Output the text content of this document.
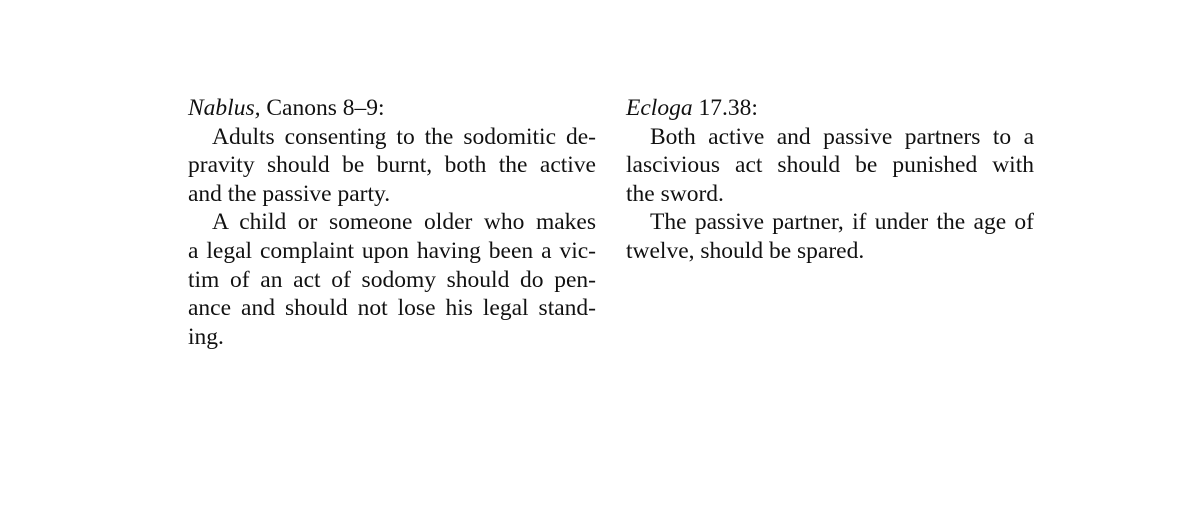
Nablus, Canons 8–9:
Adults consenting to the sodomitic de-
pravity should be burnt, both the active
and the passive party.
A child or someone older who makes
a legal complaint upon having been a vic-
tim of an act of sodomy should do pen-
ance and should not lose his legal stand-
ing.
Ecloga 17.38:
Both active and passive partners to a
lascivious act should be punished with
the sword.
The passive partner, if under the age of
twelve, should be spared.
